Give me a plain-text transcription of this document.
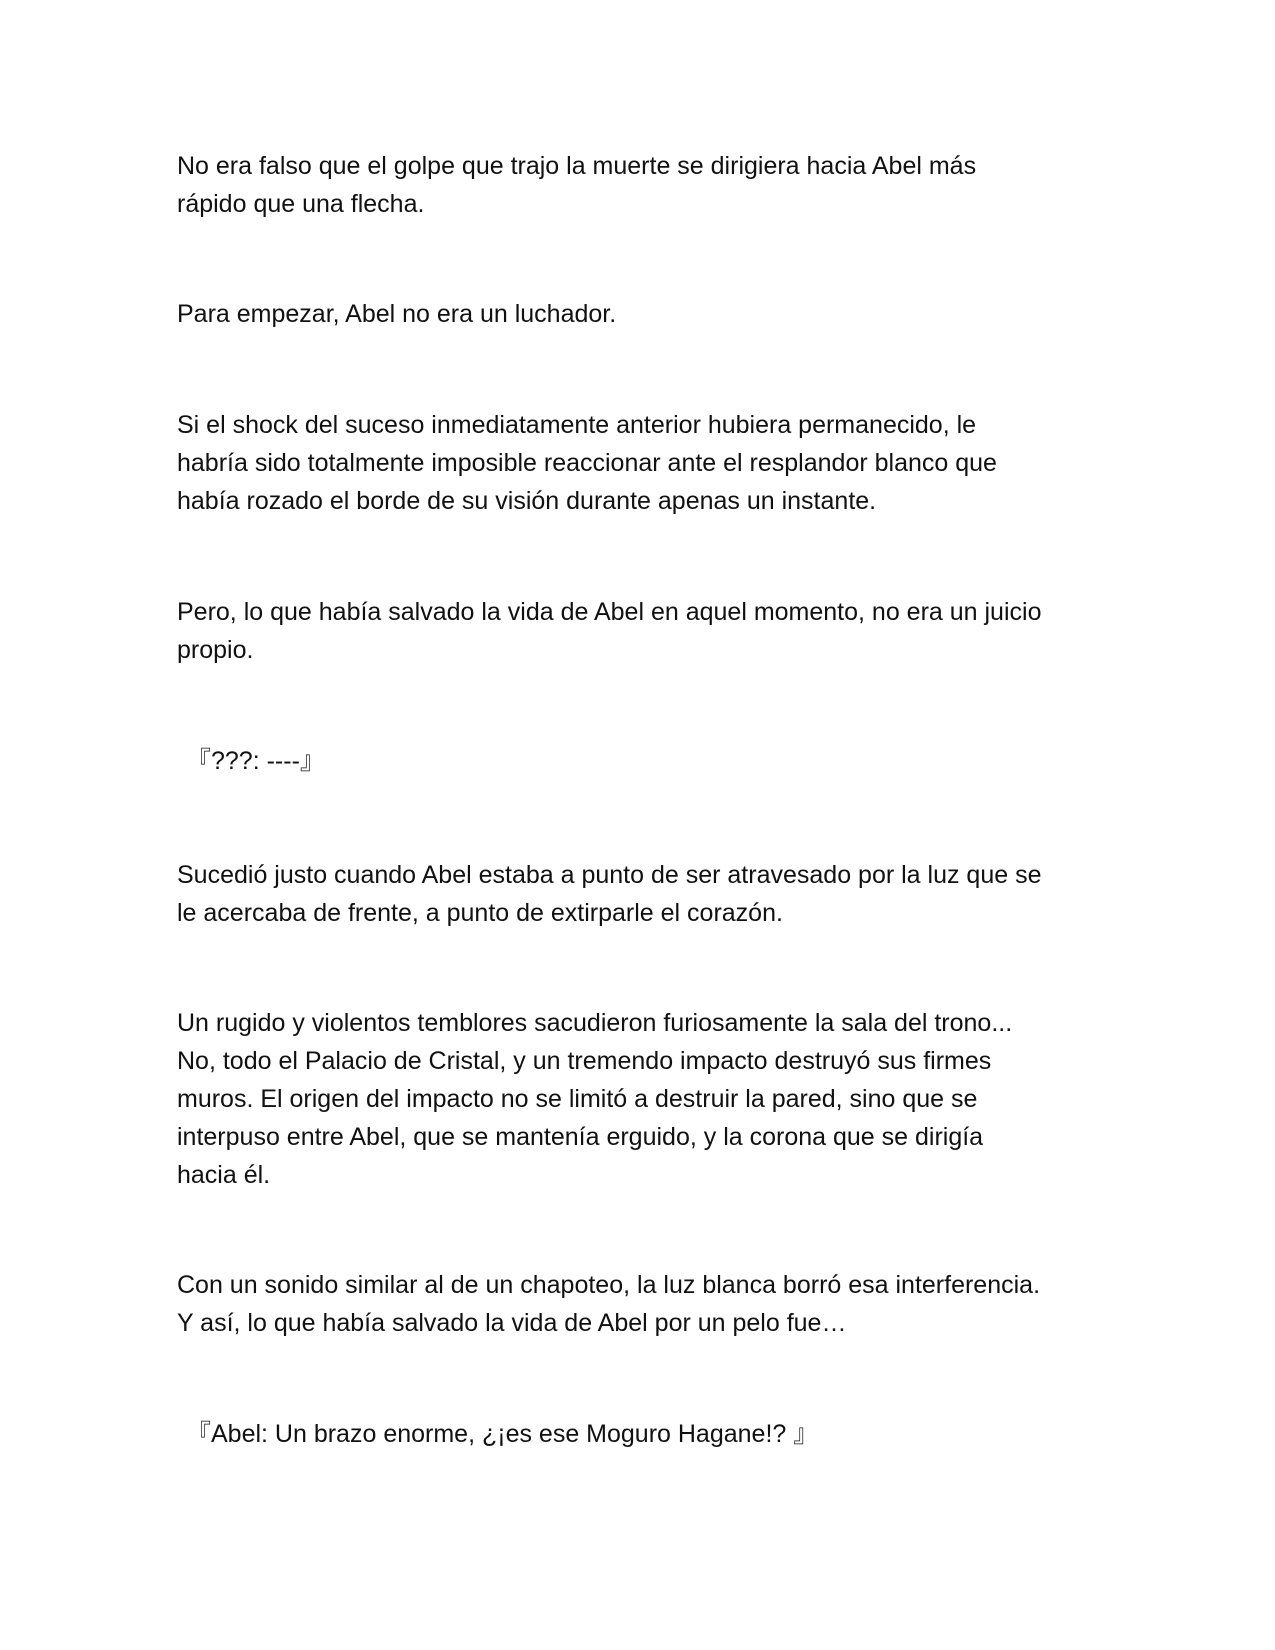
No era falso que el golpe que trajo la muerte se dirigiera hacia Abel más
rápido que una flecha.

Para empezar, Abel no era un luchador.

Si el shock del suceso inmediatamente anterior hubiera permanecido, le
habría sido totalmente imposible reaccionar ante el resplandor blanco que
había rozado el borde de su visión durante apenas un instante.

Pero, lo que había salvado la vida de Abel en aquel momento, no era un juicio
propio.

『???: ----』

Sucedió justo cuando Abel estaba a punto de ser atravesado por la luz que se
le acercaba de frente, a punto de extirparle el corazón.

Un rugido y violentos temblores sacudieron furiosamente la sala del trono...
No, todo el Palacio de Cristal, y un tremendo impacto destruyó sus firmes
muros. El origen del impacto no se limitó a destruir la pared, sino que se
interpuso entre Abel, que se mantenía erguido, y la corona que se dirigía
hacia él.

Con un sonido similar al de un chapoteo, la luz blanca borró esa interferencia.
Y así, lo que había salvado la vida de Abel por un pelo fue…

『Abel: Un brazo enorme, ¿¡es ese Moguro Hagane!? 』
